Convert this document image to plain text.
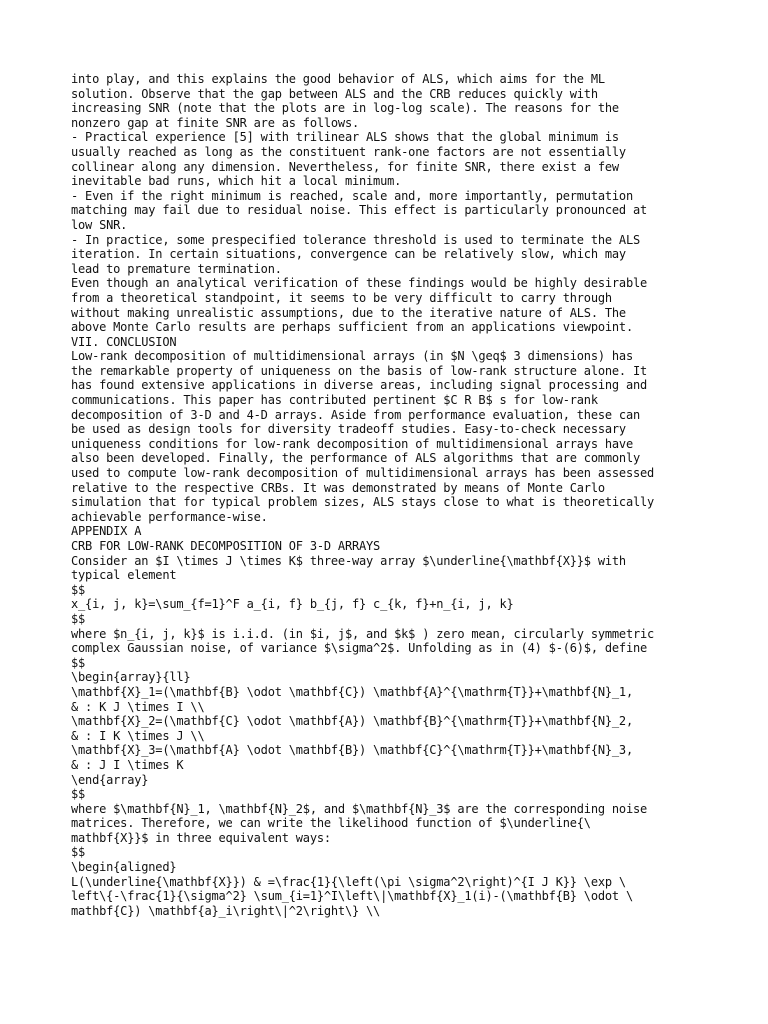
into play, and this explains the good behavior of ALS, which aims for the ML
solution. Observe that the gap between ALS and the CRB reduces quickly with
increasing SNR (note that the plots are in log-log scale). The reasons for the
nonzero gap at finite SNR are as follows.
- Practical experience [5] with trilinear ALS shows that the global minimum is
usually reached as long as the constituent rank-one factors are not essentially
collinear along any dimension. Nevertheless, for finite SNR, there exist a few
inevitable bad runs, which hit a local minimum.
- Even if the right minimum is reached, scale and, more importantly, permutation
matching may fail due to residual noise. This effect is particularly pronounced at
low SNR.
- In practice, some prespecified tolerance threshold is used to terminate the ALS
iteration. In certain situations, convergence can be relatively slow, which may
lead to premature termination.
Even though an analytical verification of these findings would be highly desirable
from a theoretical standpoint, it seems to be very difficult to carry through
without making unrealistic assumptions, due to the iterative nature of ALS. The
above Monte Carlo results are perhaps sufficient from an applications viewpoint.
VII. CONCLUSION
Low-rank decomposition of multidimensional arrays (in $N \geq$ 3 dimensions) has
the remarkable property of uniqueness on the basis of low-rank structure alone. It
has found extensive applications in diverse areas, including signal processing and
communications. This paper has contributed pertinent $C R B$ s for low-rank
decomposition of 3-D and 4-D arrays. Aside from performance evaluation, these can
be used as design tools for diversity tradeoff studies. Easy-to-check necessary
uniqueness conditions for low-rank decomposition of multidimensional arrays have
also been developed. Finally, the performance of ALS algorithms that are commonly
used to compute low-rank decomposition of multidimensional arrays has been assessed
relative to the respective CRBs. It was demonstrated by means of Monte Carlo
simulation that for typical problem sizes, ALS stays close to what is theoretically
achievable performance-wise.
APPENDIX A
CRB FOR LOW-RANK DECOMPOSITION OF 3-D ARRAYS
Consider an $I \times J \times K$ three-way array $\underline{\mathbf{X}}$ with
typical element
$$
x_{i, j, k}=\sum_{f=1}^F a_{i, f} b_{j, f} c_{k, f}+n_{i, j, k}
$$
where $n_{i, j, k}$ is i.i.d. (in $i, j$, and $k$ ) zero mean, circularly symmetric
complex Gaussian noise, of variance $\sigma^2$. Unfolding as in (4) $-(6)$, define
$$
\begin{array}{ll}
\mathbf{X}_1=(\mathbf{B} \odot \mathbf{C}) \mathbf{A}^{\mathrm{T}}+\mathbf{N}_1,
& : K J \times I \\
\mathbf{X}_2=(\mathbf{C} \odot \mathbf{A}) \mathbf{B}^{\mathrm{T}}+\mathbf{N}_2,
& : I K \times J \\
\mathbf{X}_3=(\mathbf{A} \odot \mathbf{B}) \mathbf{C}^{\mathrm{T}}+\mathbf{N}_3,
& : J I \times K
\end{array}
$$
where $\mathbf{N}_1, \mathbf{N}_2$, and $\mathbf{N}_3$ are the corresponding noise
matrices. Therefore, we can write the likelihood function of $\underline{\
mathbf{X}}$ in three equivalent ways:
$$
\begin{aligned}
L(\underline{\mathbf{X}}) & =\frac{1}{\left(\pi \sigma^2\right)^{I J K}} \exp \
left\{-\frac{1}{\sigma^2} \sum_{i=1}^I\left\|\mathbf{X}_1(i)-(\mathbf{B} \odot \
mathbf{C}) \mathbf{a}_i\right\|^2\right\} \\
